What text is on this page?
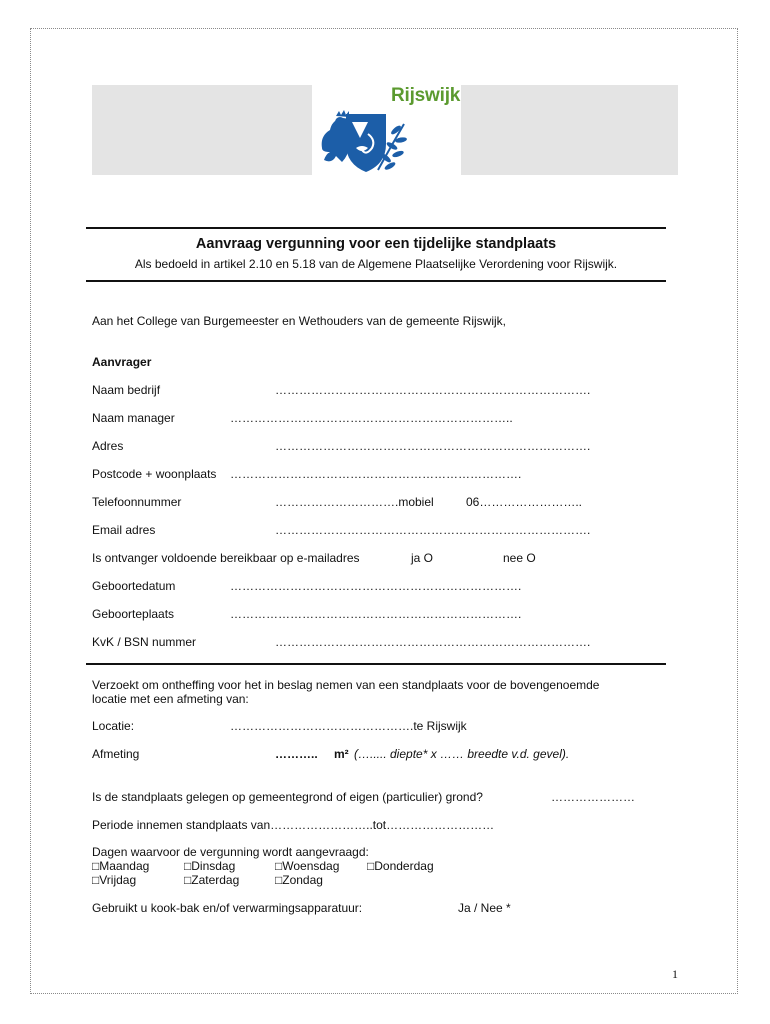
Rijswijk
Aanvraag vergunning voor een tijdelijke standplaats
Als bedoeld in artikel 2.10 en 5.18 van de Algemene Plaatselijke Verordening voor Rijswijk.
Aan het College van Burgemeester en Wethouders van de gemeente Rijswijk,
Aanvrager
Naam bedrijf	…………………………………………………………………….
Naam manager	……………………………………………………………..
Adres	…………………………………………………………………….
Postcode + woonplaats ……………………………………………………………….
Telefoonnummer	………………………….mobiel	06……………………..
Email adres	…………………………………………………………………….
Is ontvanger voldoende bereikbaar op e-mailadres	ja O	nee O
Geboortedatum	……………………………………………………………….
Geboorteplaats	……………………………………………………………….
KvK / BSN nummer	…………………………………………………………………….
Verzoekt om ontheffing voor het in beslag nemen van een standplaats voor de bovengenoemde
locatie met een afmeting van:
Locatie:	……………………………………….te Rijswijk
Afmeting	……….. m² (…..... diepte* x …… breedte v.d. gevel).
Is de standplaats gelegen op gemeentegrond of eigen (particulier) grond?	…………………
Periode innemen standplaats van……………………..tot………………………
Dagen waarvoor de vergunning wordt aangevraagd:
□Maandag	□Dinsdag	□Woensdag □Donderdag
□Vrijdag	□Zaterdag	□Zondag
Gebruikt u kook-bak en/of verwarmingsapparatuur:	Ja / Nee *
1
